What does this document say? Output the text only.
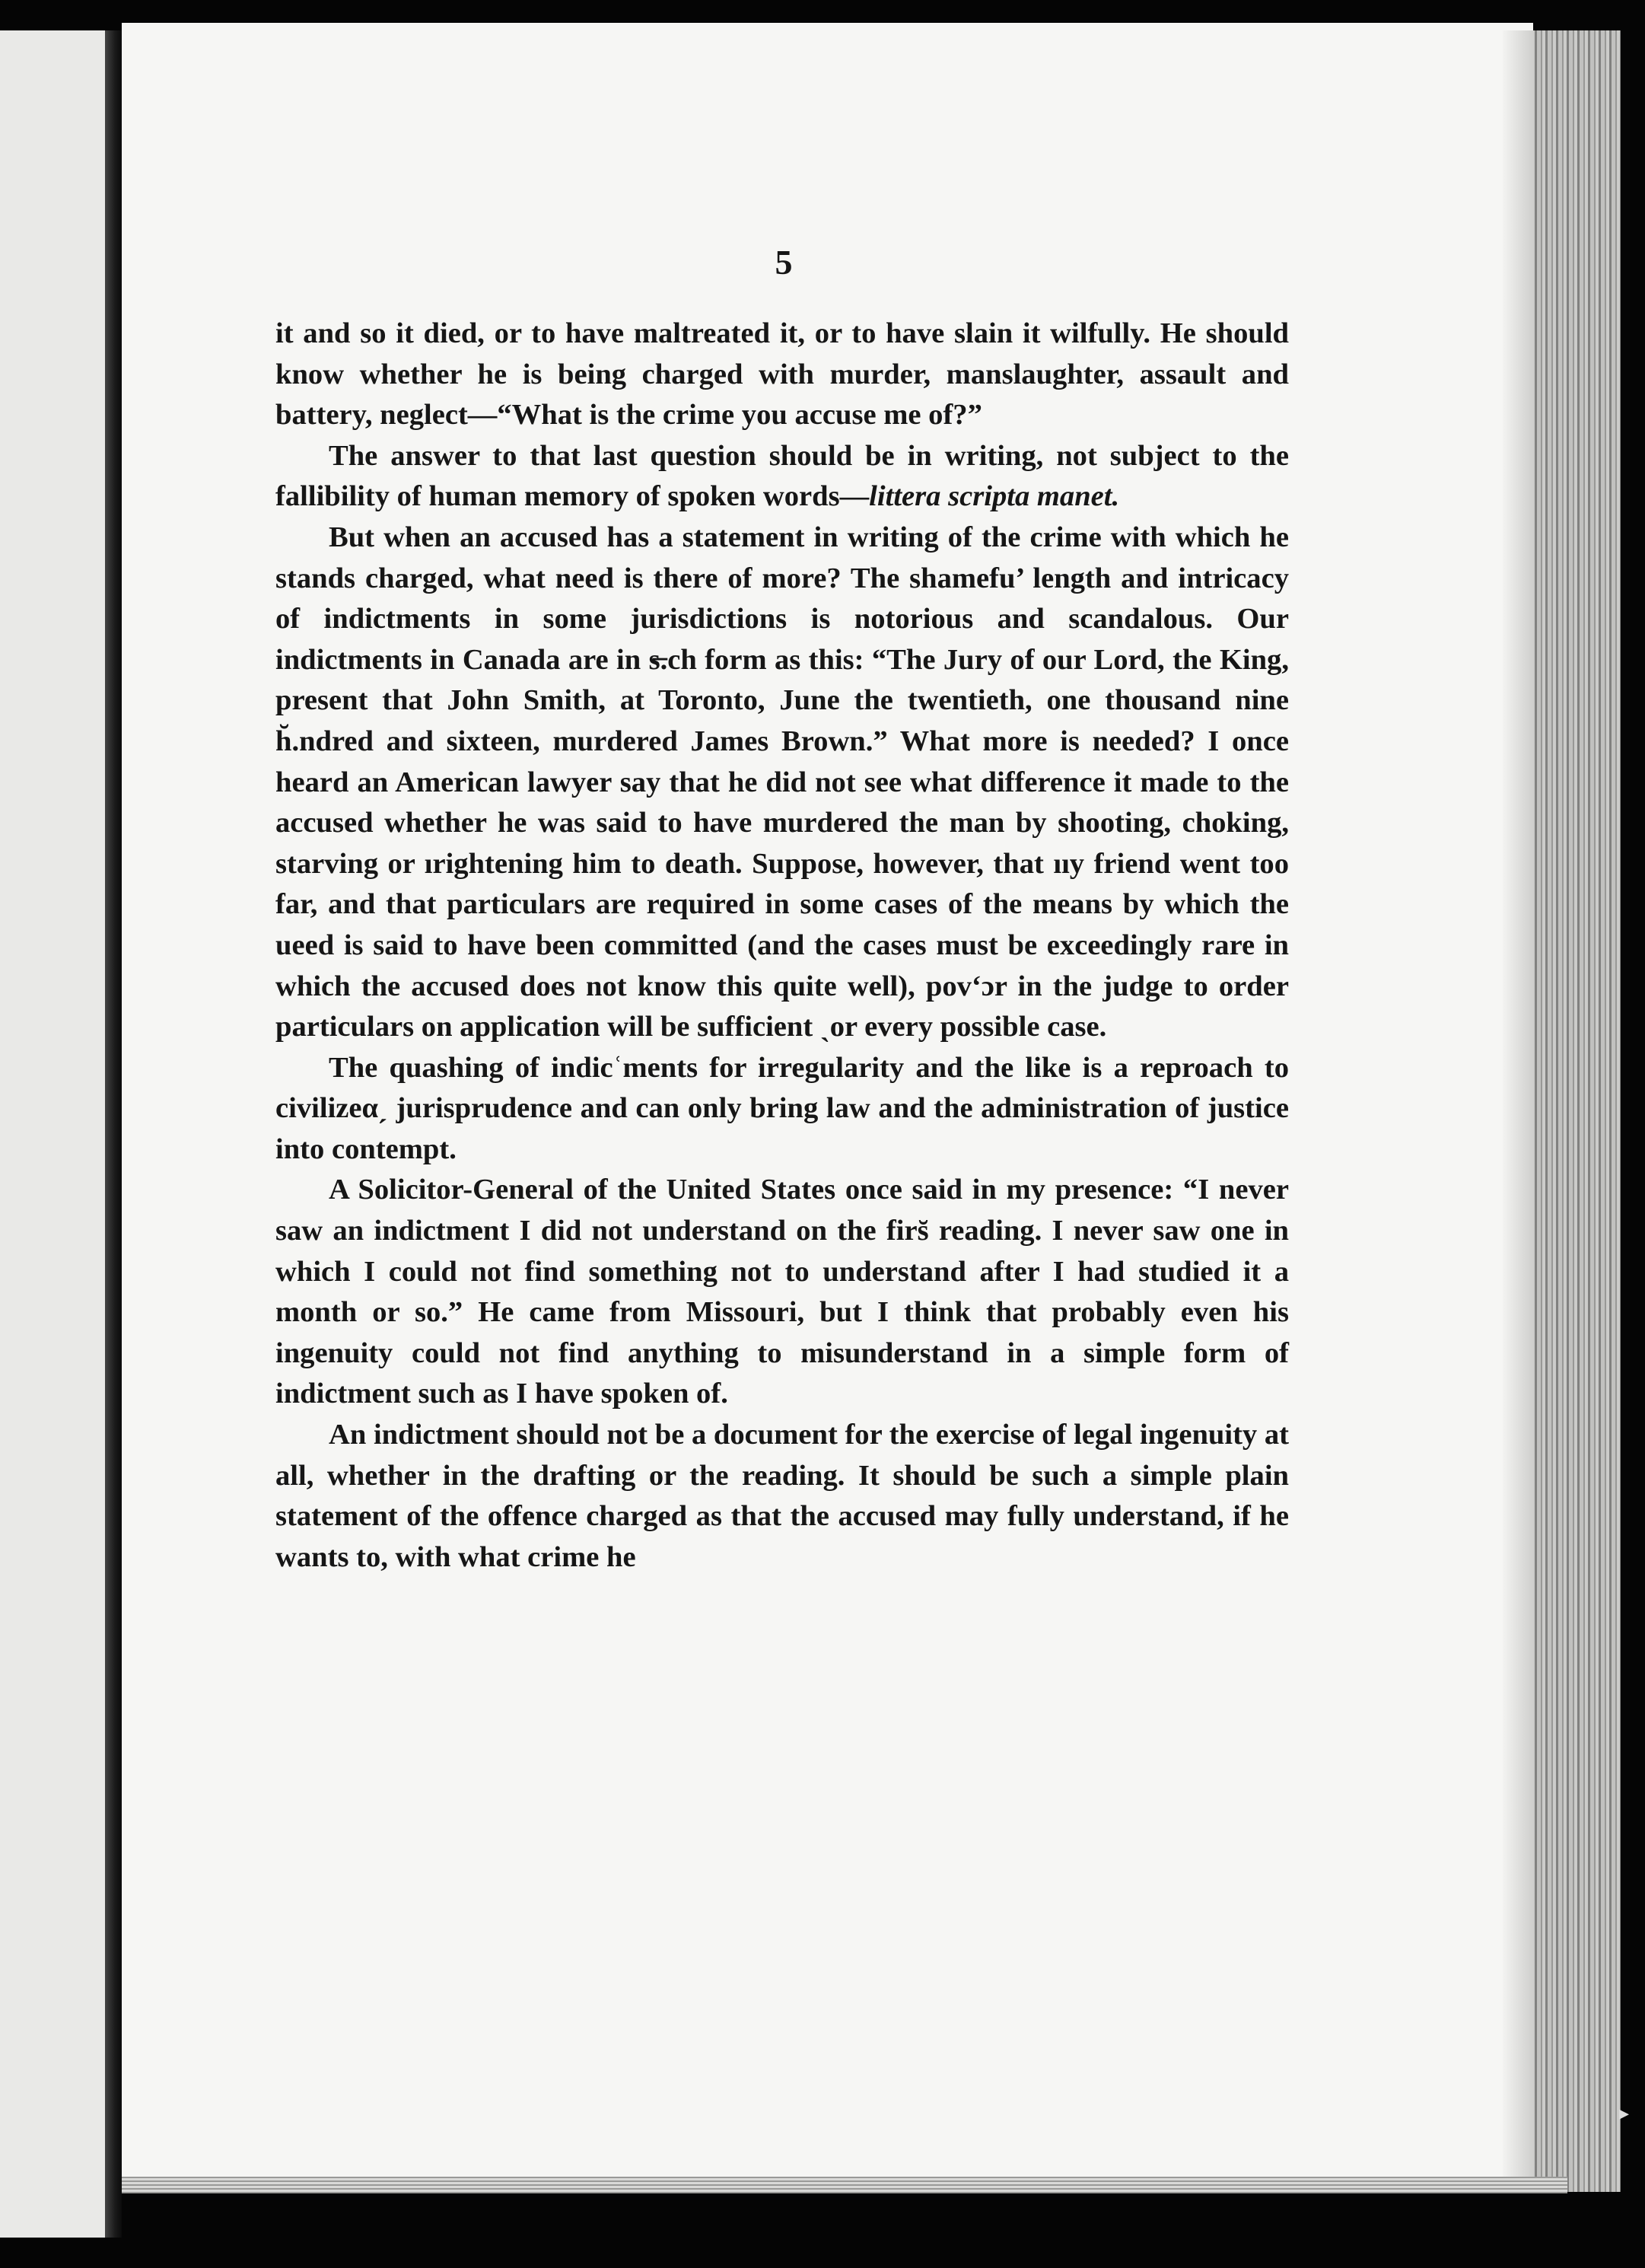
5

it and so it died, or to have maltreated it, or to have slain it wilfully. He should know whether he is being charged with murder, manslaughter, assault and battery, neglect—“What is the crime you accuse me of?”

The answer to that last question should be in writing, not subject to the fallibility of human memory of spoken words—littera scripta manet.

But when an accused has a statement in writing of the crime with which he stands charged, what need is there of more? The shamefu’ length and intricacy of indictments in some jurisdictions is notorious and scandalous. Our indictments in Canada are in s̶.ch form as this: “The Jury of our Lord, the King, present that John Smith, at Toronto, June the twentieth, one thousand nine h̆.ndred and sixteen, murdered James Brown.” What more is needed? I once heard an American lawyer say that he did not see what difference it made to the accused whether he was said to have murdered the man by shooting, choking, starving or ırightening him to death. Suppose, however, that ııy friend went too far, and that particulars are required in some cases of the means by which the ueed is said to have been committed (and the cases must be exceedingly rare in which the accused does not know this quite well), povʻɔr in the judge to order particulars on application will be sufficient ˎor every possible case.

The quashing of indicʿments for irregularity and the like is a reproach to civilizeαˏ jurisprudence and can only bring law and the administration of justice into contempt.

A Solicitor-General of the United States once said in my presence: “I never saw an indictment I did not understand on the firs̆ reading. I never saw one in which I could not find something not to understand after I had studied it a month or so.” He came from Missouri, but I think that probably even his ingenuity could not find anything to misunderstand in a simple form of indictment such as I have spoken of.

An indictment should not be a document for the exercise of legal ingenuity at all, whether in the drafting or the reading. It should be such a simple plain statement of the offence charged as that the accused may fully understand, if he wants to, with what crime he

▸
